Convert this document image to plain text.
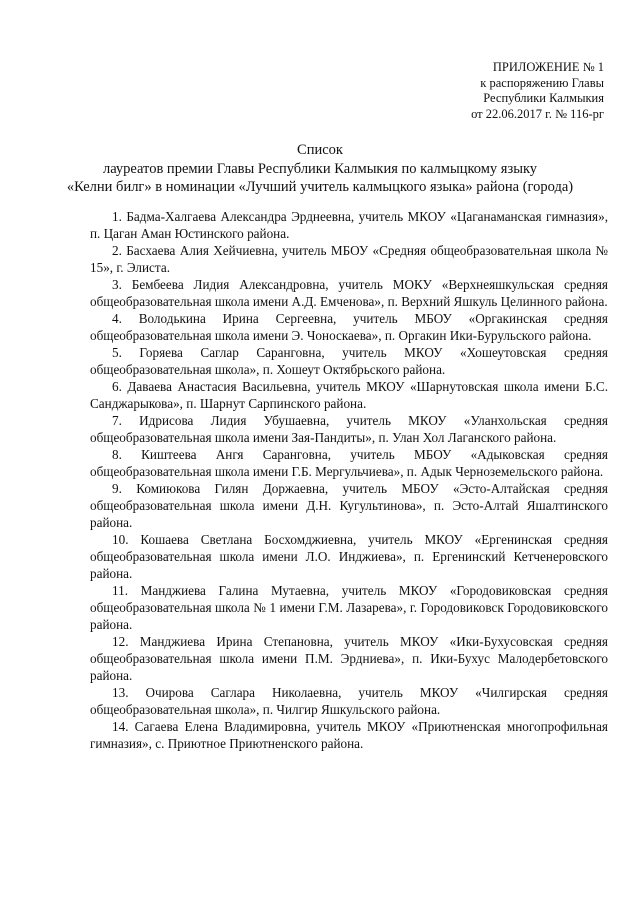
ПРИЛОЖЕНИЕ № 1
к распоряжению Главы
Республики Калмыкия
от 22.06.2017 г. № 116-рг
Список
лауреатов премии Главы Республики Калмыкия по калмыцкому языку
«Келни билг» в номинации «Лучший учитель калмыцкого языка» района (города)

1. Бадма-Халгаева Александра Эрднеевна, учитель МКОУ «Цаганаманская гимназия», п. Цаган Аман Юстинского района.

2. Басхаева Алия Хейчиевна, учитель МБОУ «Средняя общеобразовательная школа № 15», г. Элиста.

3. Бембеева Лидия Александровна, учитель МОКУ «Верхнеяшкульская средняя общеобразовательная школа имени А.Д. Емченова», п. Верхний Яшкуль Целинного района.

4. Володькина Ирина Сергеевна, учитель МБОУ «Оргакинская средняя общеобразовательная школа имени Э. Чоноскаева», п. Оргакин Ики-Бурульского района.

5. Горяева Саглар Саранговна, учитель МКОУ «Хошеутовская средняя общеобразовательная школа», п. Хошеут Октябрьского района.

6. Даваева Анастасия Васильевна, учитель МКОУ «Шарнутовская школа имени Б.С. Санджарыкова», п. Шарнут Сарпинского района.

7. Идрисова Лидия Убушаевна, учитель МКОУ «Уланхольская средняя общеобразовательная школа имени Зая-Пандиты», п. Улан Хол Лаганского района.

8. Киштеева Ангя Саранговна, учитель МБОУ «Адыковская средняя общеобразовательная школа имени Г.Б. Мергульчиева», п. Адык Черноземельского района.

9. Комиюкова Гилян Доржаевна, учитель МБОУ «Эсто-Алтайская средняя общеобразовательная школа имени Д.Н. Кугультинова», п. Эсто-Алтай Яшалтинского района.

10. Кошаева Светлана Босхомджиевна, учитель МКОУ «Ергенинская средняя общеобразовательная школа имени Л.О. Инджиева», п. Ергенинский Кетченеровского района.

11. Манджиева Галина Мутаевна, учитель МКОУ «Городовиковская средняя общеобразовательная школа № 1 имени Г.М. Лазарева», г. Городовиковск Городовиковского района.

12. Манджиева Ирина Степановна, учитель МКОУ «Ики-Бухусовская средняя общеобразовательная школа имени П.М. Эрдниева», п. Ики-Бухус Малодербетовского района.

13. Очирова Саглара Николаевна, учитель МКОУ «Чилгирская средняя общеобразовательная школа», п. Чилгир Яшкульского района.

14. Сагаева Елена Владимировна, учитель МКОУ «Приютненская многопрофильная гимназия», с. Приютное Приютненского района.
